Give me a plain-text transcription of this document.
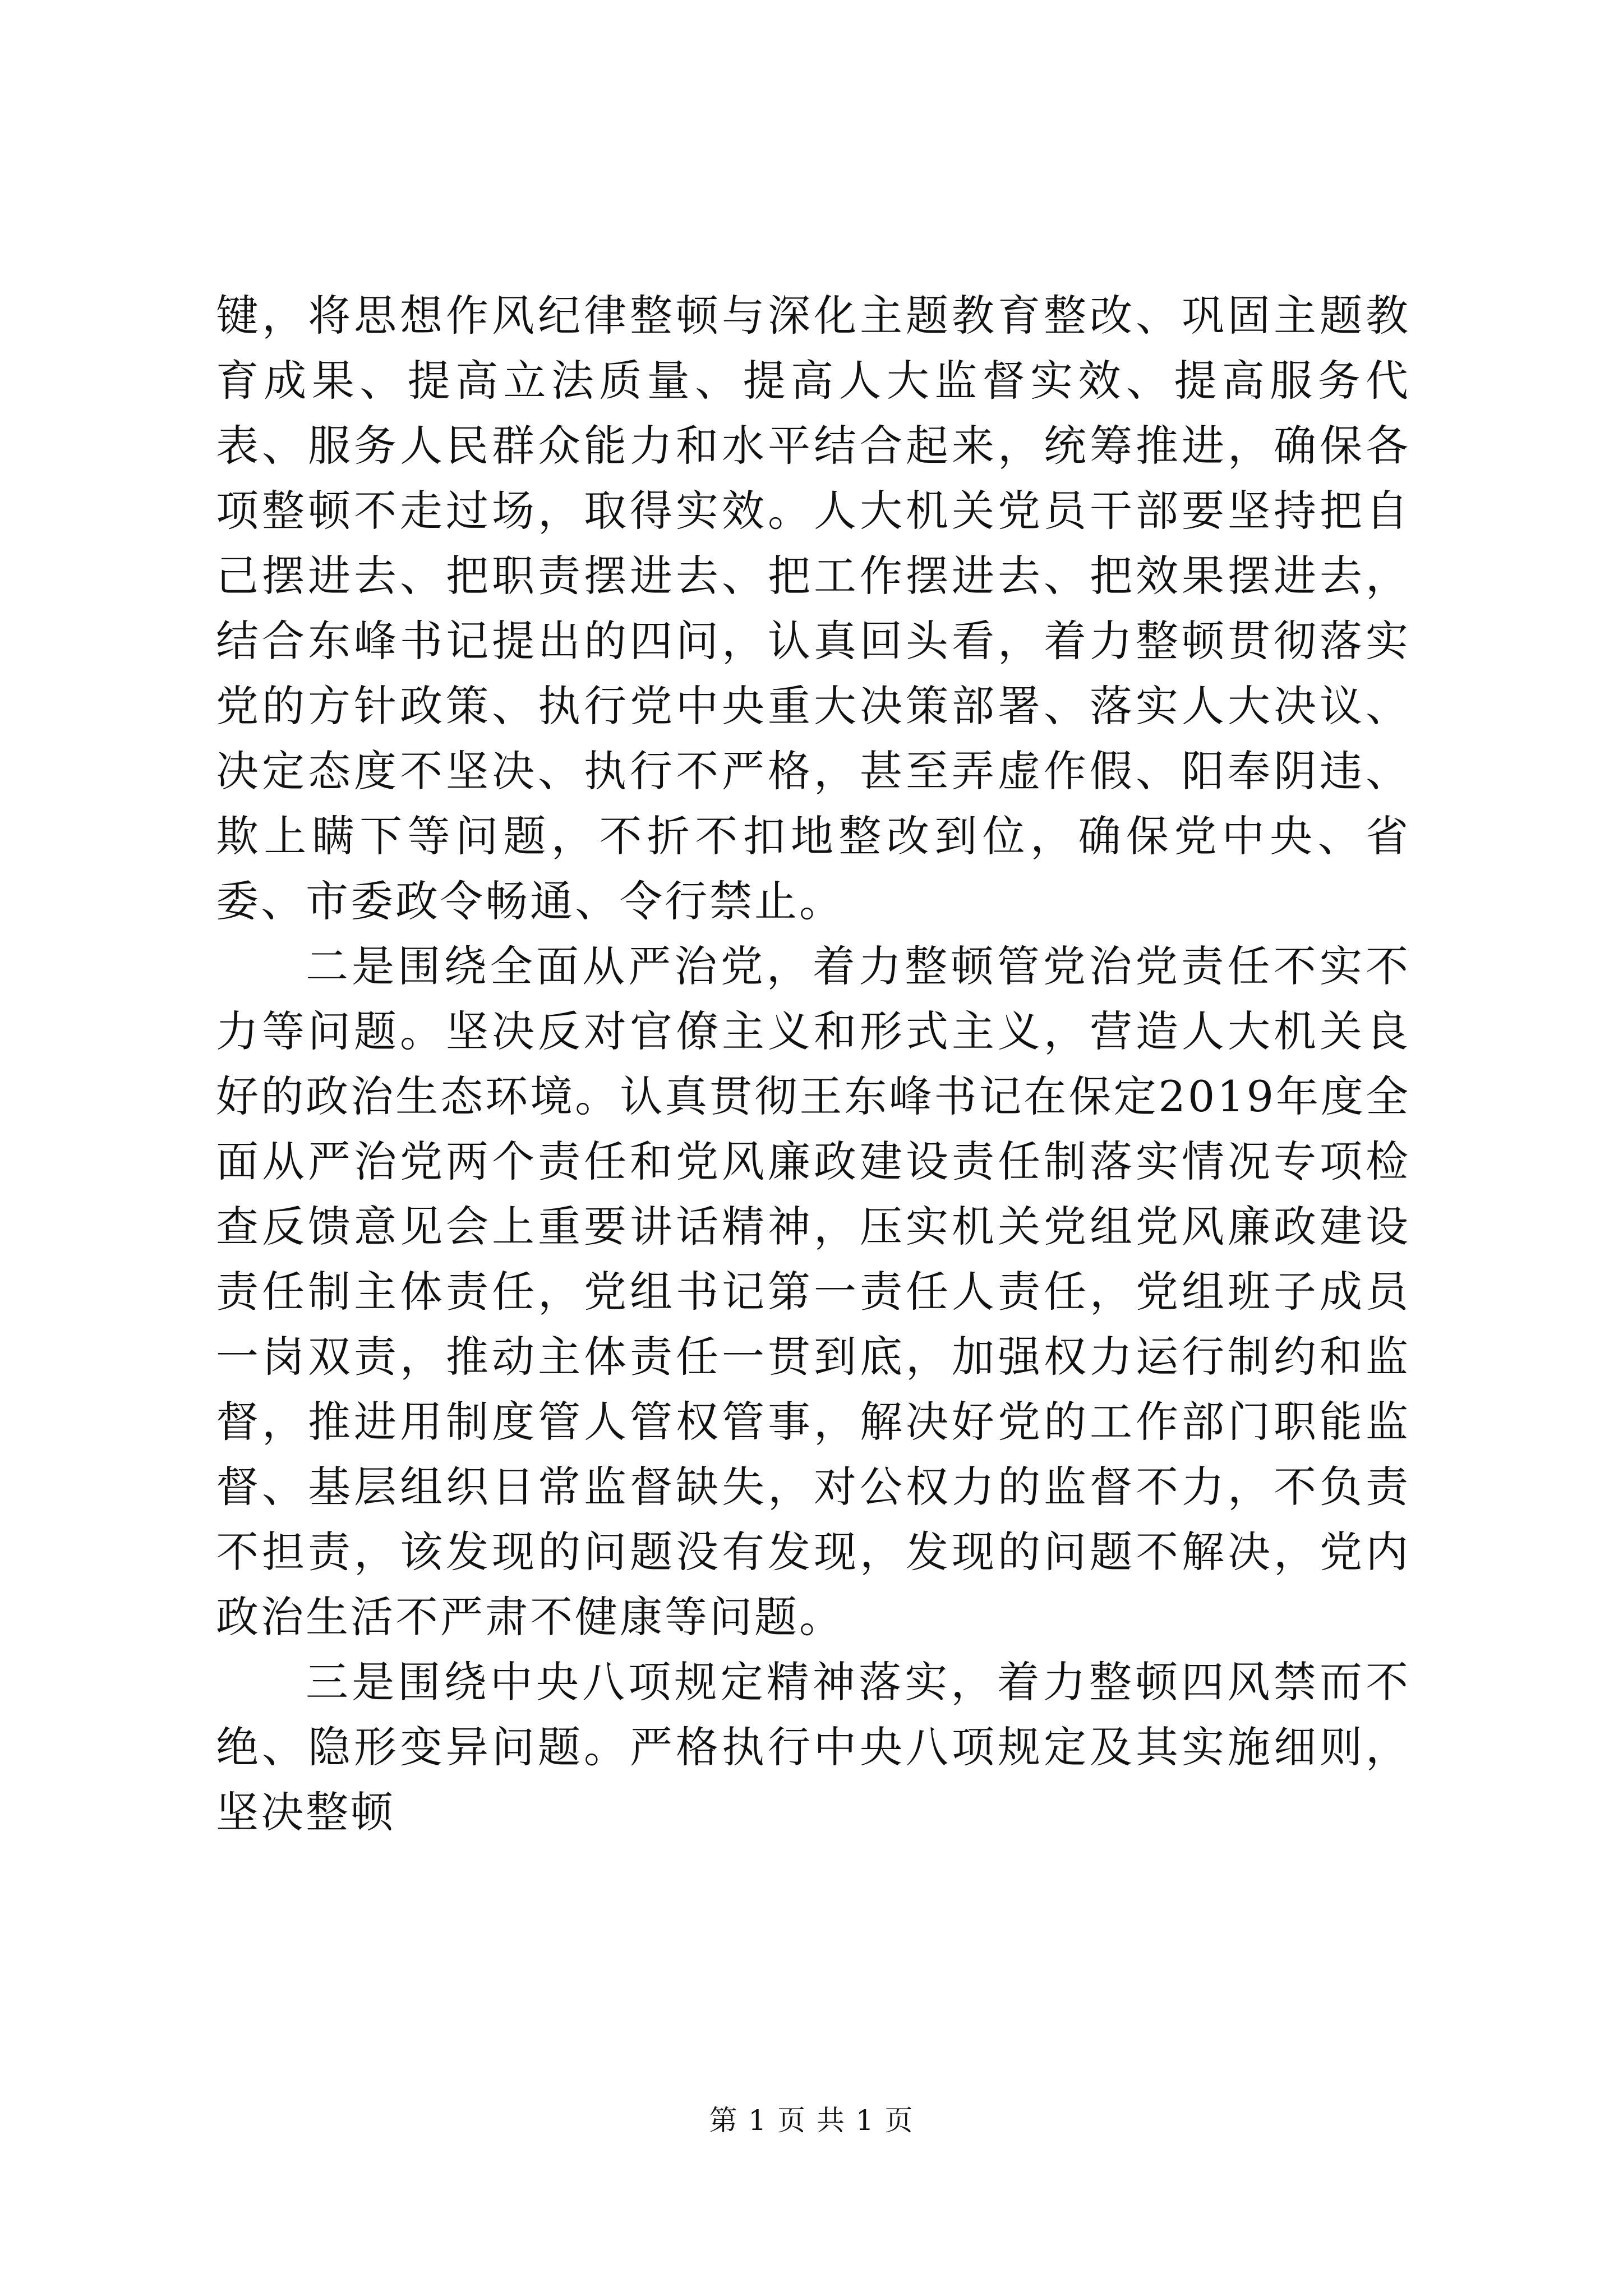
键，将思想作风纪律整顿与深化主题教育整改、巩固主题教育成果、提高立法质量、提高人大监督实效、提高服务代表、服务人民群众能力和水平结合起来，统筹推进，确保各项整顿不走过场，取得实效。人大机关党员干部要坚持把自己摆进去、把职责摆进去、把工作摆进去、把效果摆进去，结合东峰书记提出的四问，认真回头看，着力整顿贯彻落实党的方针政策、执行党中央重大决策部署、落实人大决议、决定态度不坚决、执行不严格，甚至弄虚作假、阳奉阴违、欺上瞒下等问题，不折不扣地整改到位，确保党中央、省委、市委政令畅通、令行禁止。

二是围绕全面从严治党，着力整顿管党治党责任不实不力等问题。坚决反对官僚主义和形式主义，营造人大机关良好的政治生态环境。认真贯彻王东峰书记在保定2019年度全面从严治党两个责任和党风廉政建设责任制落实情况专项检查反馈意见会上重要讲话精神，压实机关党组党风廉政建设责任制主体责任，党组书记第一责任人责任，党组班子成员一岗双责，推动主体责任一贯到底，加强权力运行制约和监督，推进用制度管人管权管事，解决好党的工作部门职能监督、基层组织日常监督缺失，对公权力的监督不力，不负责不担责，该发现的问题没有发现，发现的问题不解决，党内政治生活不严肃不健康等问题。

三是围绕中央八项规定精神落实，着力整顿四风禁而不绝、隐形变异问题。严格执行中央八项规定及其实施细则，坚决整顿

第 1 页 共 1 页
